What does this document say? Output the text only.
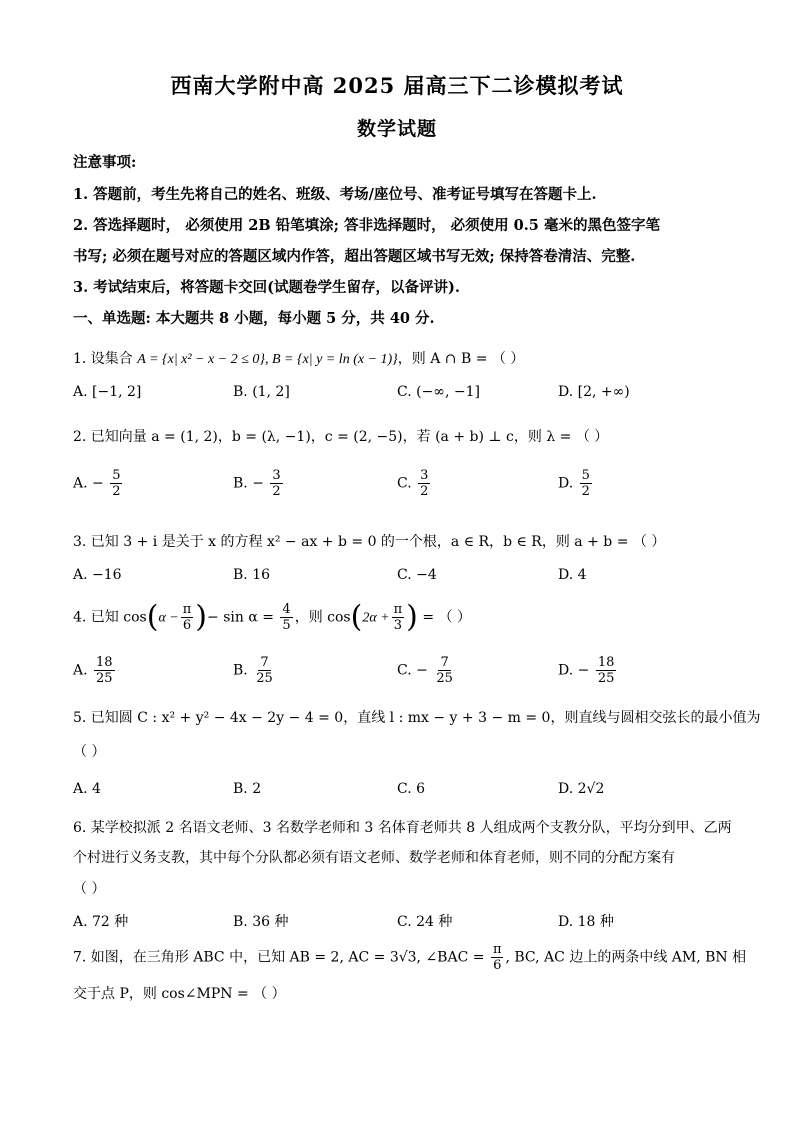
西南大学附中高 2025 届高三下二诊模拟考试
数学试题
注意事项:
1. 答题前，考生先将自己的姓名、班级、考场/座位号、准考证号填写在答题卡上.
2. 答选择题时， 必须使用 2B 铅笔填涂; 答非选择题时， 必须使用 0.5 毫米的黑色签字笔
书写; 必须在题号对应的答题区域内作答，超出答题区域书写无效; 保持答卷清洁、完整.
3. 考试结束后，将答题卡交回(试题卷学生留存，以备评讲).
一、单选题: 本大题共 8 小题，每小题 5 分，共 40 分.
1. 设集合 A = {x| x² − x − 2 ≤ 0}, B = {x| y = ln (x − 1)}，则 A ∩ B = （ ）
A. [−1, 2]	B. (1, 2]	C. (−∞, −1]	D. [2, +∞)
2. 已知向量 a = (1, 2)，b = (λ, −1)，c = (2, −5)，若 (a + b) ⊥ c，则 λ = （ ）
A. − $\frac{5}{2}$	B. − $\frac{3}{2}$	C. $\frac{3}{2}$	D. $\frac{5}{2}$
3. 已知 3 + i 是关于 x 的方程 x² − ax + b = 0 的一个根，a ∈ R，b ∈ R，则 a + b = （ ）
A. −16	B. 16	C. −4	D. 4
4. 已知 $\cos(\alpha - \frac{\pi}{6}$ )− $\sin \alpha = \frac{4}{5}$ ，则 $\cos(2\alpha + \frac{\pi}{3}$ ) = （ ）
A. $\frac{18}{25}$	B. $\frac{7}{25}$	C. − $\frac{7}{25}$	D. − $\frac{18}{25}$
5. 已知圆 C : x² + y² − 4x − 2y − 4 = 0，直线 l : mx − y + 3 − m = 0，则直线与圆相交弦长的最小值为
（ ）
A. 4	B. 2	C. 6	D. 2√2
6. 某学校拟派 2 名语文老师、3 名数学老师和 3 名体育老师共 8 人组成两个支教分队，平均分到甲、乙两
个村进行义务支教，其中每个分队都必须有语文老师、数学老师和体育老师，则不同的分配方案有
（ ）
A. 72 种	B. 36 种	C. 24 种	D. 18 种
7. 如图，在三角形 ABC 中，已知 AB = 2, AC = 3√3, ∠BAC = $\frac{\pi}{6}$ , BC, AC 边上的两条中线 AM, BN 相
交于点 P，则 cos∠MPN = （ ）
